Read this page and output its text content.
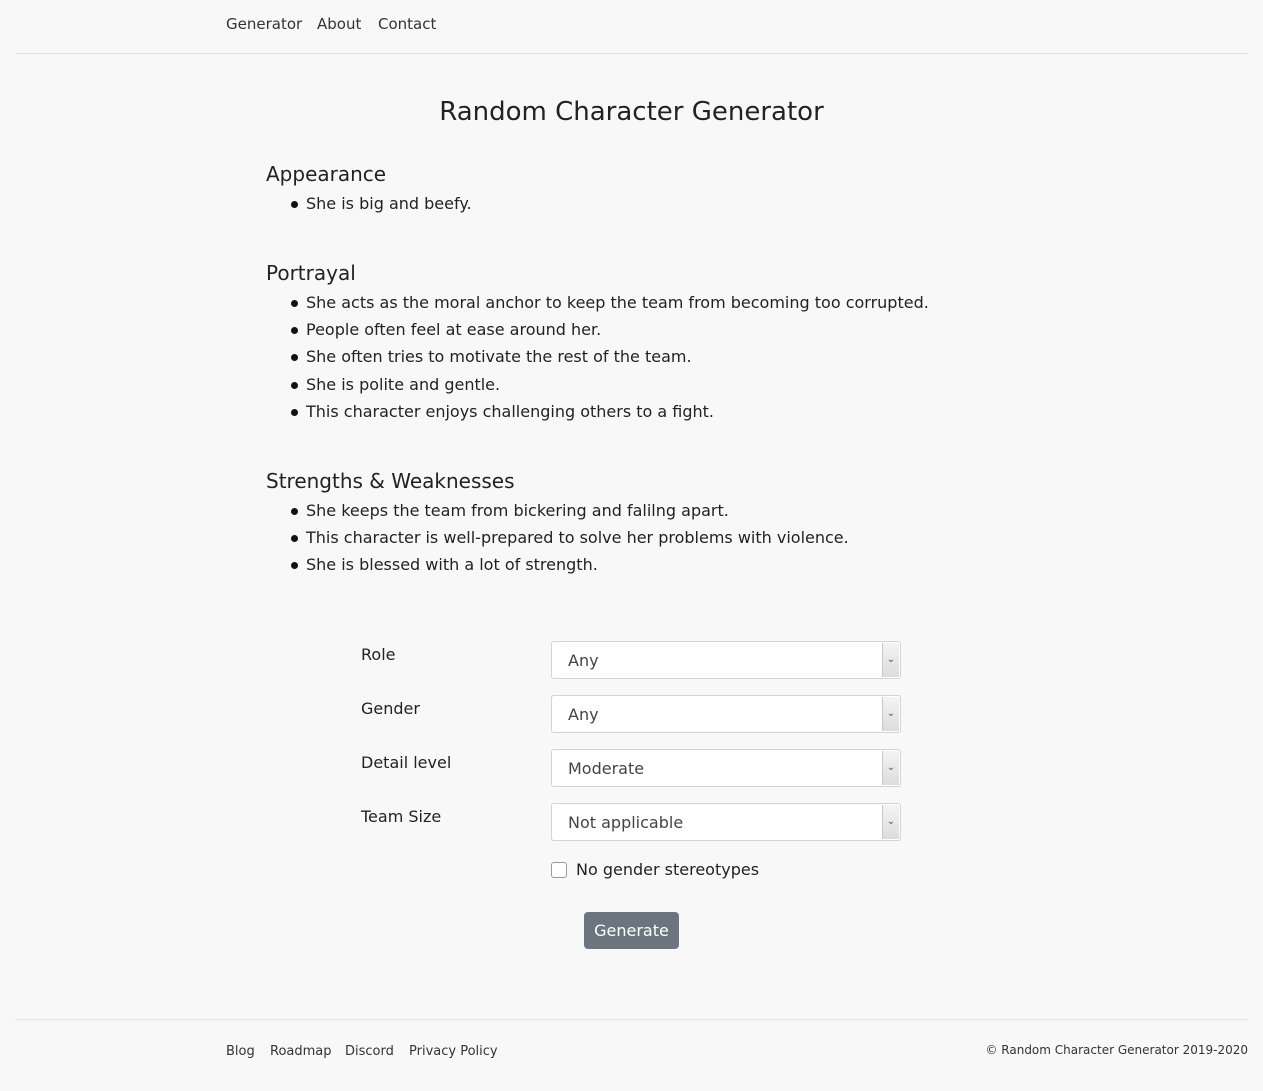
Generator About Contact
Random Character Generator
Appearance
She is big and beefy.
Portrayal
She acts as the moral anchor to keep the team from becoming too corrupted.
People often feel at ease around her.
She often tries to motivate the rest of the team.
She is polite and gentle.
This character enjoys challenging others to a fight.
Strengths & Weaknesses
She keeps the team from bickering and falilng apart.
This character is well-prepared to solve her problems with violence.
She is blessed with a lot of strength.
Role	Any	⌄
Gender	Any	⌄
Detail level	Moderate	⌄
Team Size	Not applicable	⌄
No gender stereotypes
Generate
Blog Roadmap Discord Privacy Policy	© Random Character Generator 2019-2020
